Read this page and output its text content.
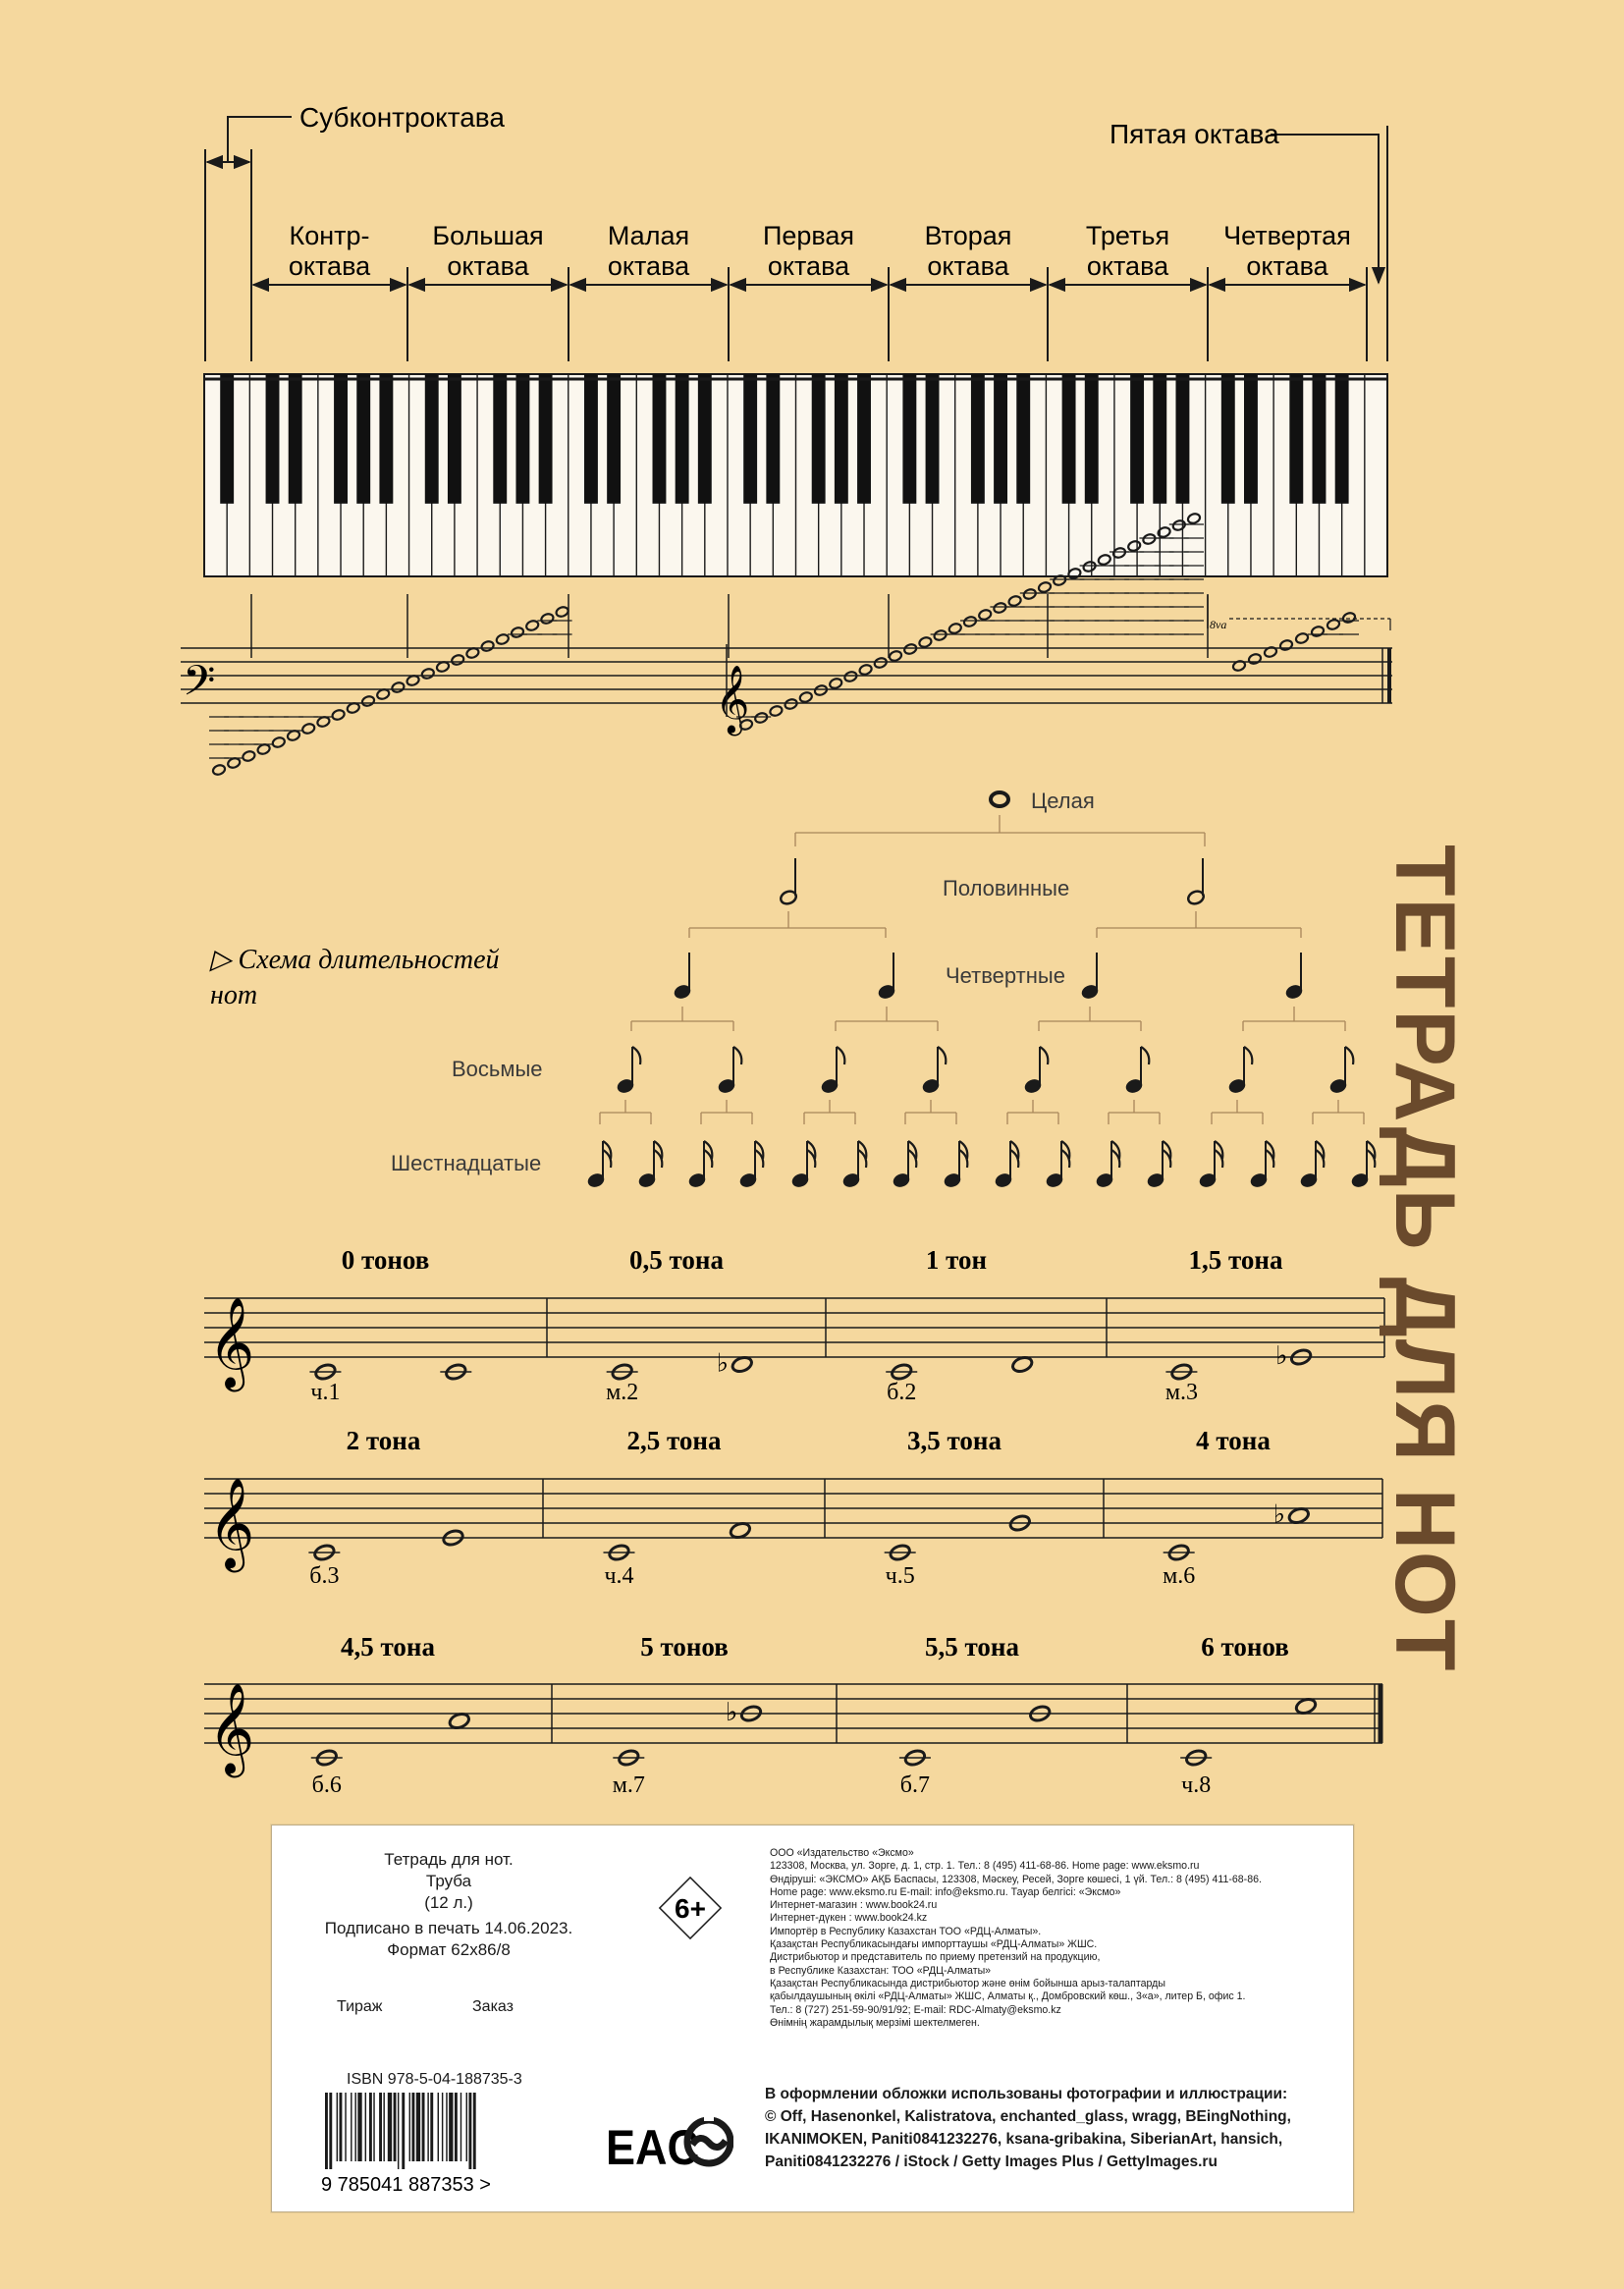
Субконтроктава
Пятая октава
Контр-
октава
Большая
октава
Малая
октава
Первая
октава
Вторая
октава
Третья
октава
Четвертая
октава
𝄢	𝄞
8va
▷ Схема длительностей
нот
Целая
Половинные
Четвертные
Восьмые
Шестнадцатые
𝄞
0 тонов
ч.1
0,5 тона
м.2
♭
1 тон
б.2
1,5 тона
м.3
♭
𝄞
2 тона
б.3
2,5 тона
ч.4
3,5 тона
ч.5
4 тона
м.6
♭
𝄞
4,5 тона
б.6
5 тонов
м.7
♭
5,5 тона
б.7
6 тонов
ч.8
ТЕТРАДЬ ДЛЯ НОТ
Тетрадь для нот.
Труба
(12 л.)
Подписано в печать 14.06.2023.
Формат 62х86/8
Тираж	Заказ
6+
ООО «Издательство «Эксмо»
123308, Москва, ул. Зорге, д. 1, стр. 1. Тел.: 8 (495) 411-68-86. Home page: www.eksmo.ru
Өндіруші: «ЭКСМО» АҚБ Баспасы, 123308, Мәскеу, Ресей, Зорге көшесі, 1 үй. Тел.: 8 (495) 411-68-86.
Home page: www.eksmo.ru E-mail: info@eksmo.ru. Тауар белгісі: «Эксмо»
Интернет-магазин : www.book24.ru
Интернет-дүкен : www.book24.kz
Импортёр в Республику Казахстан ТОО «РДЦ-Алматы».
Қазақстан Республикасындағы импорттаушы «РДЦ-Алматы» ЖШС.
Дистрибьютор и представитель по приему претензий на продукцию,
в Республике Казахстан: ТОО «РДЦ-Алматы»
Қазақстан Республикасында дистрибьютор және өнім бойынша арыз-талаптарды
қабылдаушының өкілі «РДЦ-Алматы» ЖШС, Алматы қ., Домбровский көш., 3«а», литер Б, офис 1.
Тел.: 8 (727) 251-59-90/91/92; E-mail: RDC-Almaty@eksmo.kz
Өнімнің жарамдылық мерзімі шектелмеген.
ISBN 978-5-04-188735-3
9 785041 887353 >
EAC
В оформлении обложки использованы фотографии и иллюстрации:
© Off, Hasenonkel, Kalistratova, enchanted_glass, wragg, BEingNothing,
IKANIMOKEN, Paniti0841232276, ksana-gribakina, SiberianArt, hansich,
Paniti0841232276 / iStock / Getty Images Plus / GettyImages.ru
